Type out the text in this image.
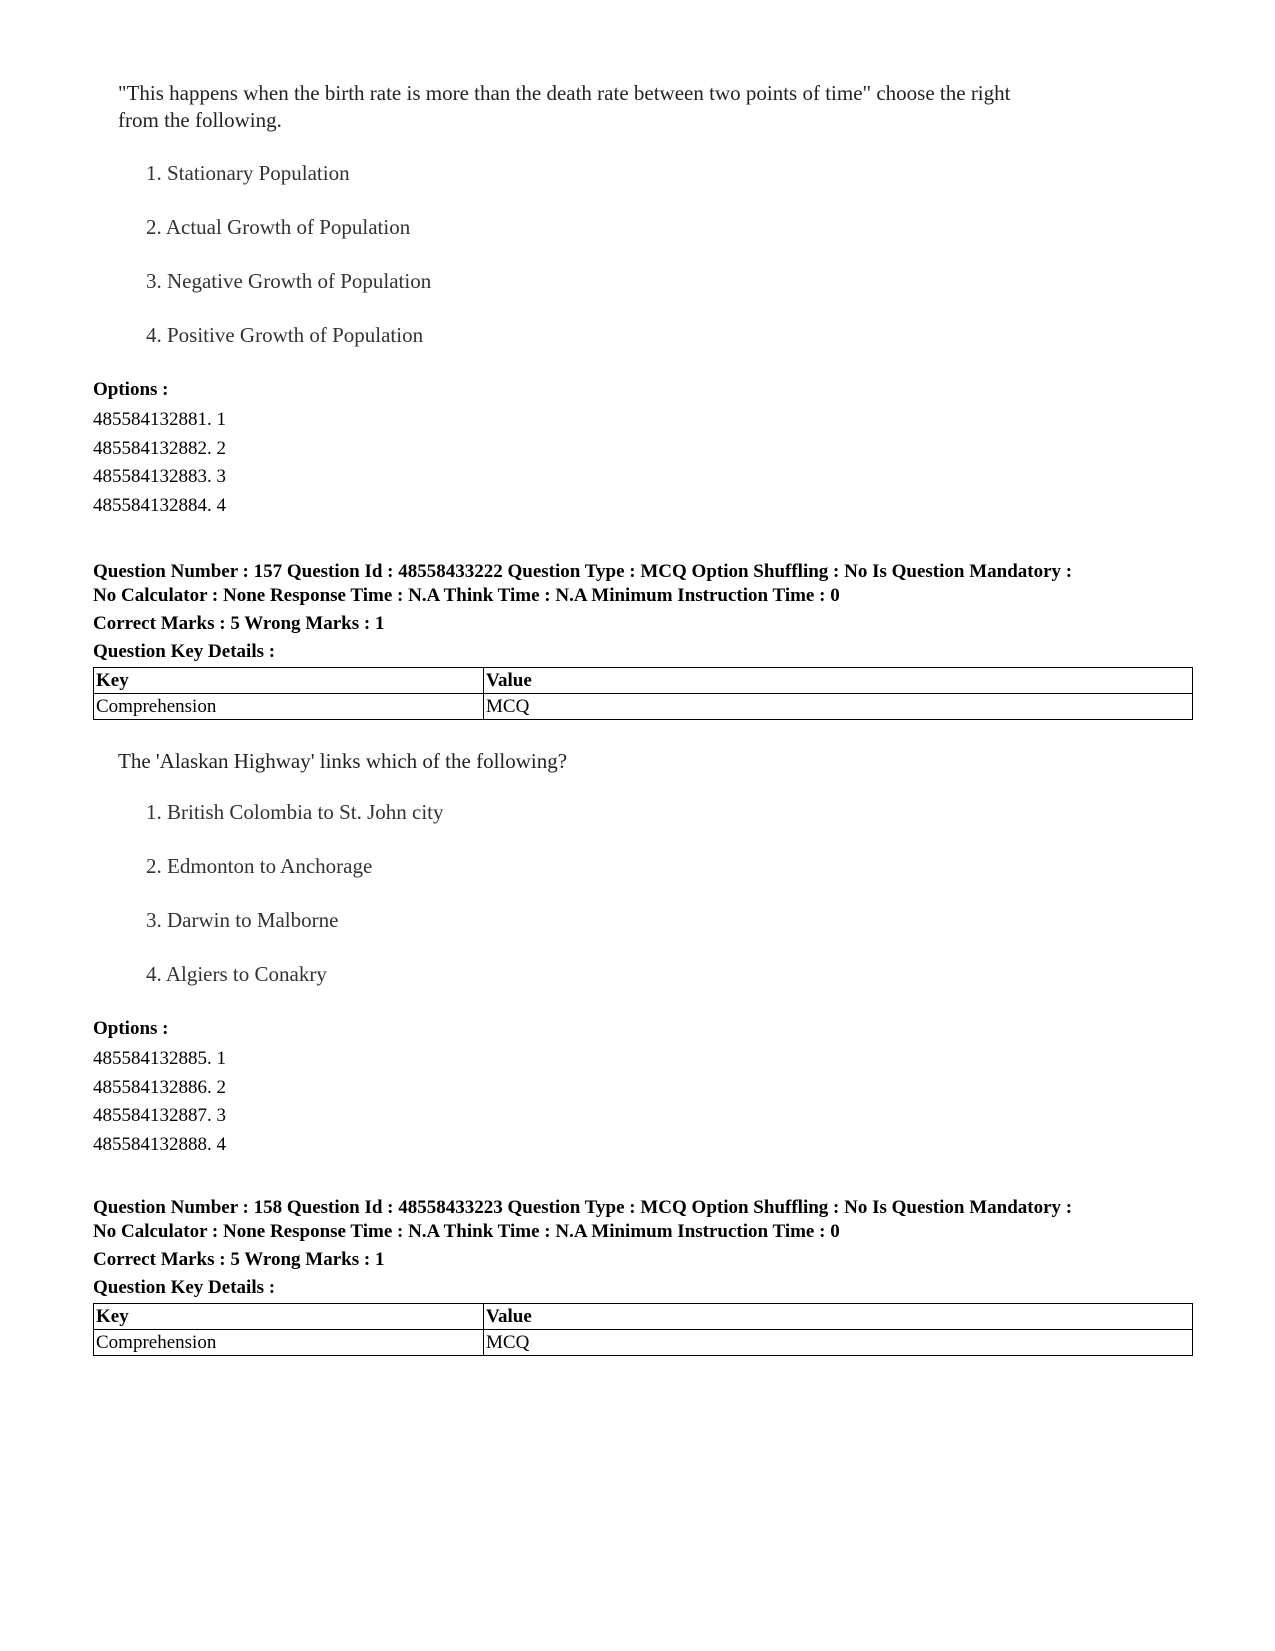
"This happens when the birth rate is more than the death rate between two points of time" choose the right
from the following.
1. Stationary Population
2. Actual Growth of Population
3. Negative Growth of Population
4. Positive Growth of Population
Options :
485584132881. 1
485584132882. 2
485584132883. 3
485584132884. 4
Question Number : 157 Question Id : 48558433222 Question Type : MCQ Option Shuffling : No Is Question Mandatory :
No Calculator : None Response Time : N.A Think Time : N.A Minimum Instruction Time : 0
Correct Marks : 5 Wrong Marks : 1
Question Key Details :
Key	Value
Comprehension	MCQ
The 'Alaskan Highway' links which of the following?
1. British Colombia to St. John city
2. Edmonton to Anchorage
3. Darwin to Malborne
4. Algiers to Conakry
Options :
485584132885. 1
485584132886. 2
485584132887. 3
485584132888. 4
Question Number : 158 Question Id : 48558433223 Question Type : MCQ Option Shuffling : No Is Question Mandatory :
No Calculator : None Response Time : N.A Think Time : N.A Minimum Instruction Time : 0
Correct Marks : 5 Wrong Marks : 1
Question Key Details :
Key	Value
Comprehension	MCQ
